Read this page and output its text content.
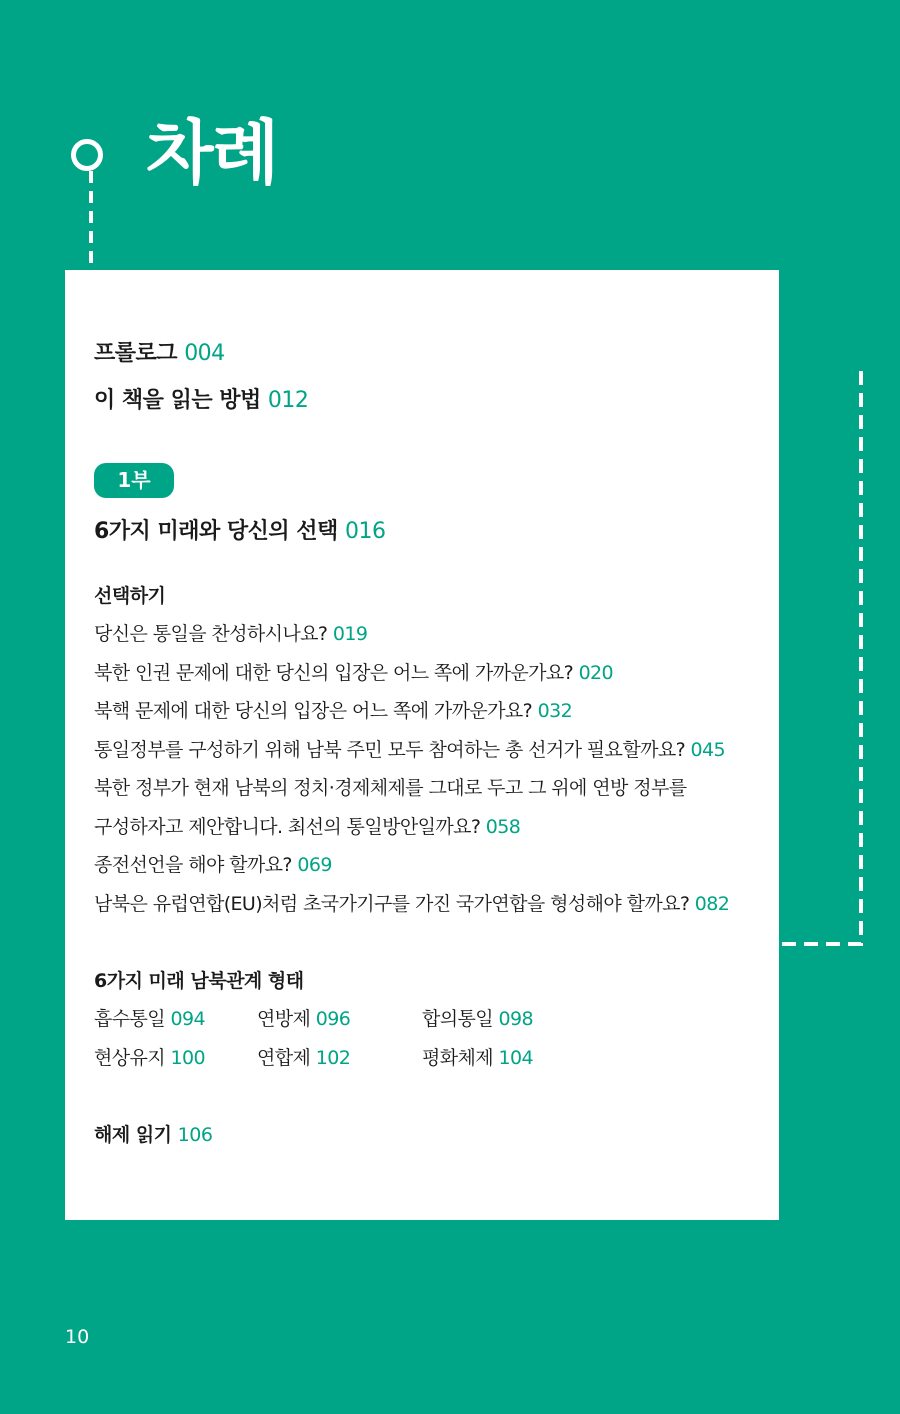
차례
프롤로그 004
이 책을 읽는 방법 012
1부
6가지 미래와 당신의 선택 016
선택하기
당신은 통일을 찬성하시나요? 019
북한 인권 문제에 대한 당신의 입장은 어느 쪽에 가까운가요? 020
북핵 문제에 대한 당신의 입장은 어느 쪽에 가까운가요? 032
통일정부를 구성하기 위해 남북 주민 모두 참여하는 총 선거가 필요할까요? 045
북한 정부가 현재 남북의 정치·경제체제를 그대로 두고 그 위에 연방 정부를
구성하자고 제안합니다. 최선의 통일방안일까요? 058
종전선언을 해야 할까요? 069
남북은 유럽연합(EU)처럼 초국가기구를 가진 국가연합을 형성해야 할까요? 082
6가지 미래 남북관계 형태
흡수통일 094	연방제 096	합의통일 098
현상유지 100	연합제 102	평화체제 104
해제 읽기 106
10
